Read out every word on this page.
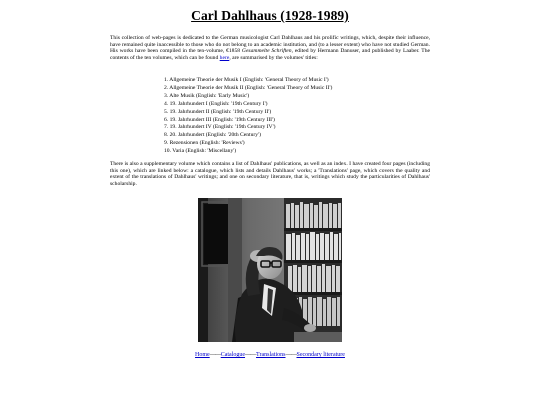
Carl Dahlhaus (1928-1989)

This collection of web-pages is dedicated to the German musicologist Carl Dahlhaus and his prolific writings, which, despite their influence, have remained quite inaccessible to those who do not belong to an academic institution, and (to a lesser extent) who have not studied German. His works have been compiled in the ten-volume, €1858 Gesammelte Schriften, edited by Hermann Danuser, and published by Laaber. The contents of the ten volumes, which can be found here, are summarised by the volumes' titles:

1. Allgemeine Theorie der Musik I (English: 'General Theory of Music I')
2. Allgemeine Theorie der Musik II (English: 'General Theory of Music II')
3. Alte Musik (English: 'Early Music')
4. 19. Jahrhundert I (English: '19th Century I')
5. 19. Jahrhundert II (English: '19th Century II')
6. 19. Jahrhundert III (English: '19th Century III')
7. 19. Jahrhundert IV (English: '19th Century IV')
8. 20. Jahrhundert (English: '20th Century')
9. Rezensionen (English: 'Reviews')
10. Varia (English: 'Miscellany')

There is also a supplementary volume which contains a list of Dahlhaus' publications, as well as an index. I have created four pages (including this one), which are linked below: a catalogue, which lists and details Dahlhaus' works; a 'Translations' page, which covers the quality and extent of the translations of Dahlhaus' writings; and one on secondary literature, that is, writings which study the particularities of Dahlhaus' scholarship.

Home——Catalogue——Translations——Secondary literature
